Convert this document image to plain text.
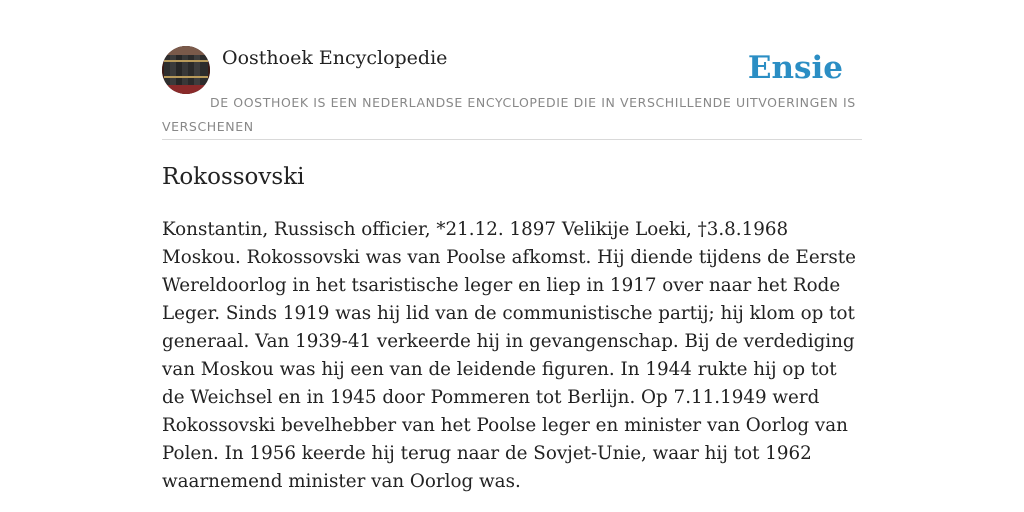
Oosthoek Encyclopedie	Ensie
DE OOSTHOEK IS EEN NEDERLANDSE ENCYCLOPEDIE DIE IN VERSCHILLENDE UITVOERINGEN IS VERSCHENEN
Rokossovski

Konstantin, Russisch officier, *21.12. 1897 Velikije Loeki, †3.8.1968 Moskou. Rokossovski was van Poolse afkomst. Hij diende tijdens de Eerste Wereldoorlog in het tsaristische leger en liep in 1917 over naar het Rode Leger. Sinds 1919 was hij lid van de communistische partij; hij klom op tot generaal. Van 1939-41 verkeerde hij in gevangenschap. Bij de verdediging van Moskou was hij een van de leidende figuren. In 1944 rukte hij op tot de Weichsel en in 1945 door Pommeren tot Berlijn. Op 7.11.1949 werd Rokossovski bevelhebber van het Poolse leger en minister van Oorlog van Polen. In 1956 keerde hij terug naar de Sovjet-Unie, waar hij tot 1962 waarnemend minister van Oorlog was.
